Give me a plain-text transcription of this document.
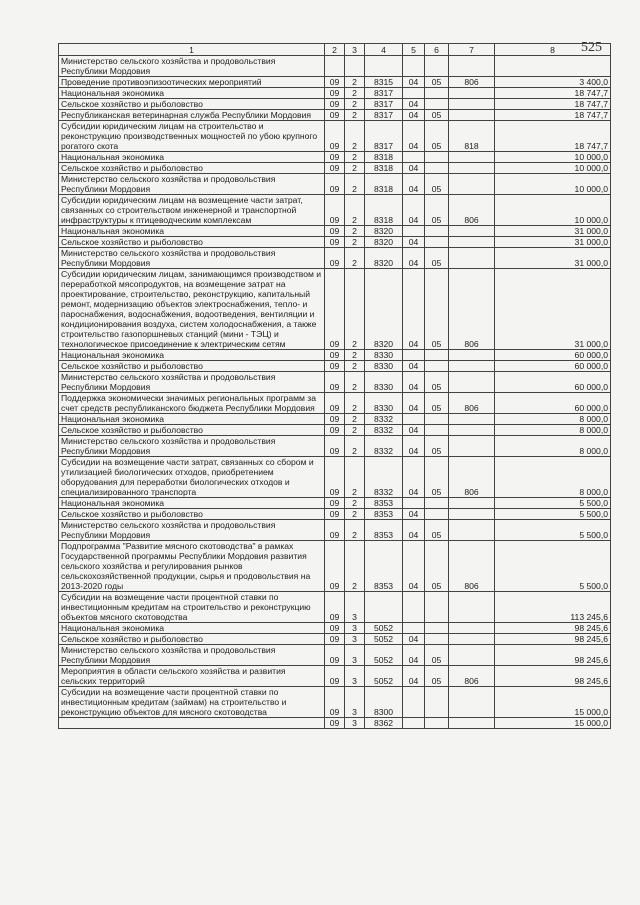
525
1	2	3	4	5	6	7	8
Министерство сельского хозяйства и продовольствия Республики Мордовия							
Проведение противоэпизоотических мероприятий	09	2	8315	04	05	806	3 400,0
Национальная экономика	09	2	8317				18 747,7
Сельское хозяйство и рыболовство	09	2	8317	04			18 747,7
Республиканская ветеринарная служба Республики Мордовия	09	2	8317	04	05		18 747,7
Субсидии юридическим лицам на строительство и реконструкцию производственных мощностей по убою крупного рогатого скота	09	2	8317	04	05	818	18 747,7
Национальная экономика	09	2	8318				10 000,0
Сельское хозяйство и рыболовство	09	2	8318	04			10 000,0
Министерство сельского хозяйства и продовольствия Республики Мордовия	09	2	8318	04	05		10 000,0
Субсидии юридическим лицам на возмещение части затрат, связанных со строительством инженерной и транспортной инфраструктуры к птицеводческим комплексам	09	2	8318	04	05	806	10 000,0
Национальная экономика	09	2	8320				31 000,0
Сельское хозяйство и рыболовство	09	2	8320	04			31 000,0
Министерство сельского хозяйства и продовольствия Республики Мордовия	09	2	8320	04	05		31 000,0
Субсидии юридическим лицам, занимающимся производством и переработкой мясопродуктов, на возмещение затрат на проектирование, строительство, реконструкцию, капитальный ремонт, модернизацию объектов электроснабжения, тепло- и пароснабжения, водоснабжения, водоотведения, вентиляции и кондиционирования воздуха, систем холодоснабжения, а также строительство газопоршневых станций (мини - ТЭЦ) и технологическое присоединение к электрическим сетям	09	2	8320	04	05	806	31 000,0
Национальная экономика	09	2	8330				60 000,0
Сельское хозяйство и рыболовство	09	2	8330	04			60 000,0
Министерство сельского хозяйства и продовольствия Республики Мордовия	09	2	8330	04	05		60 000,0
Поддержка экономически значимых региональных программ за счет средств республиканского бюджета Республики Мордовия	09	2	8330	04	05	806	60 000,0
Национальная экономика	09	2	8332				8 000,0
Сельское хозяйство и рыболовство	09	2	8332	04			8 000,0
Министерство сельского хозяйства и продовольствия Республики Мордовия	09	2	8332	04	05		8 000,0
Субсидии на возмещение части затрат, связанных со сбором и утилизацией биологических отходов, приобретением оборудования для переработки биологических отходов и специализированного транспорта	09	2	8332	04	05	806	8 000,0
Национальная экономика	09	2	8353				5 500,0
Сельское хозяйство и рыболовство	09	2	8353	04			5 500,0
Министерство сельского хозяйства и продовольствия Республики Мордовия	09	2	8353	04	05		5 500,0
Подпрограмма "Развитие мясного скотоводства" в рамках Государственной программы Республики Мордовия развития сельского хозяйства и регулирования рынков сельскохозяйственной продукции, сырья и продовольствия на 2013-2020 годы	09	2	8353	04	05	806	5 500,0
Субсидии на возмещение части процентной ставки по инвестиционным кредитам на строительство и реконструкцию объектов мясного скотоводства	09	3					113 245,6
Национальная экономика	09	3	5052				98 245,6
Сельское хозяйство и рыболовство	09	3	5052	04			98 245,6
Министерство сельского хозяйства и продовольствия Республики Мордовия	09	3	5052	04	05		98 245,6
Мероприятия в области сельского хозяйства и развития сельских территорий	09	3	5052	04	05	806	98 245,6
Субсидии на возмещение части процентной ставки по инвестиционным кредитам (займам) на строительство и реконструкцию объектов для мясного скотоводства	09	3	8300				15 000,0
	09	3	8362				15 000,0
